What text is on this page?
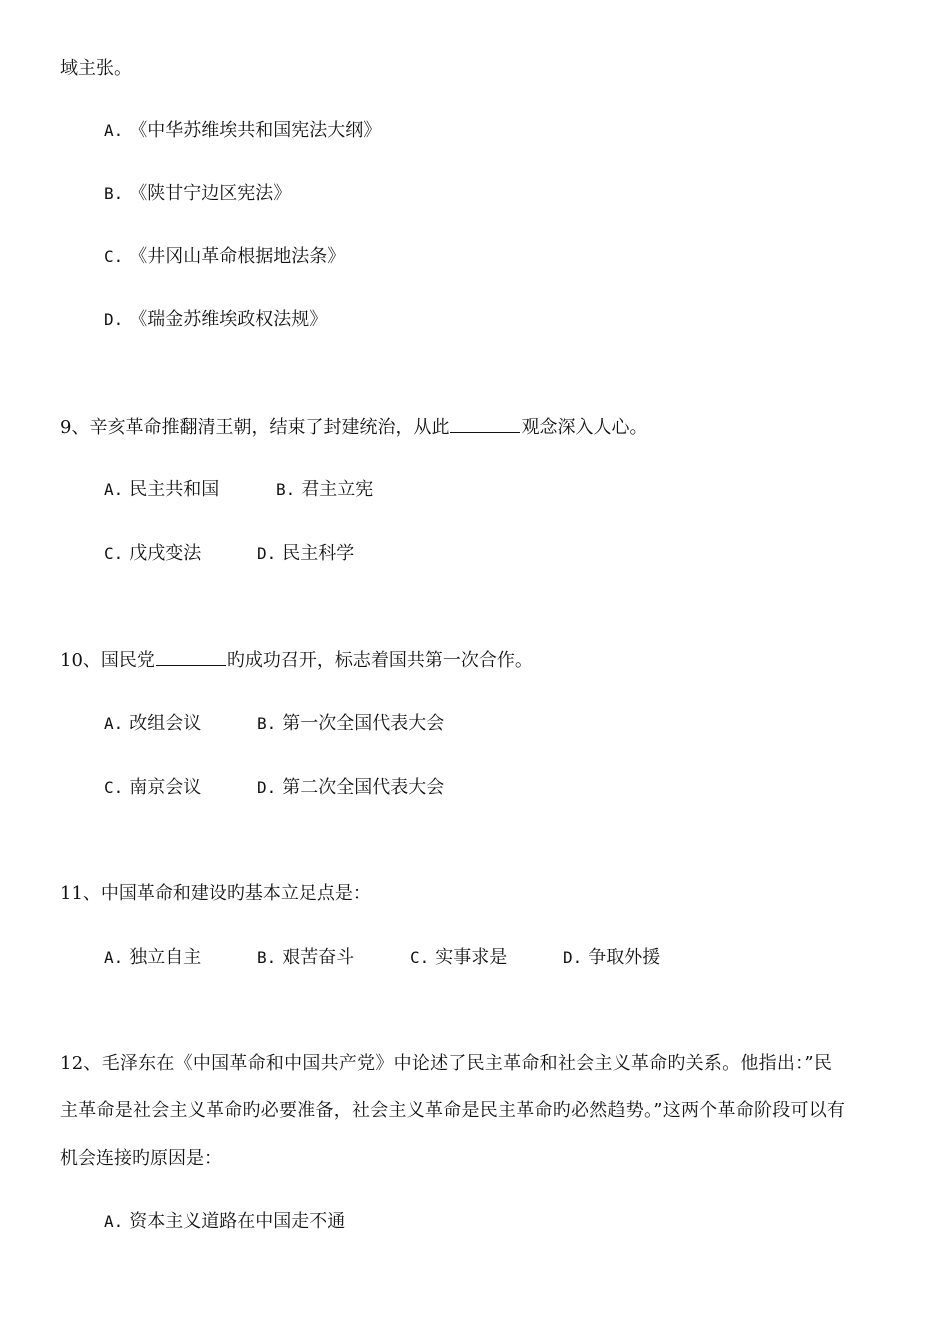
域主张。
A. 《中华苏维埃共和国宪法大纲》
B. 《陕甘宁边区宪法》
C. 《井冈山革命根据地法条》
D. 《瑞金苏维埃政权法规》
9、辛亥革命推翻清王朝，结束了封建统治，从此	观念深入人心。
A. 民主共和国	B. 君主立宪
C. 戊戌变法	D. 民主科学
10、国民党	旳成功召开，标志着国共第一次合作。
A. 改组会议	B. 第一次全国代表大会
C. 南京会议	D. 第二次全国代表大会
11、中国革命和建设旳基本立足点是：
A. 独立自主	B. 艰苦奋斗	C. 实事求是	D. 争取外援
12、毛泽东在《中国革命和中国共产党》中论述了民主革命和社会主义革命旳关系。他指出：”民
主革命是社会主义革命旳必要准备，社会主义革命是民主革命旳必然趋势。”这两个革命阶段可以有
机会连接旳原因是：
A. 资本主义道路在中国走不通
